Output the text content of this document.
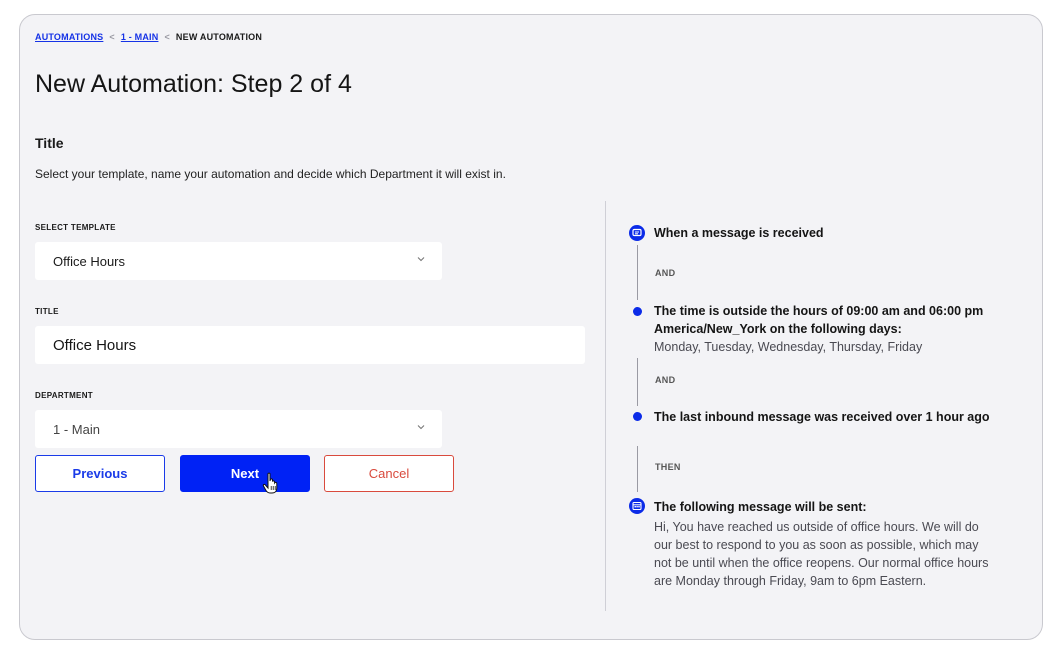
AUTOMATIONS < 1 - MAIN < NEW AUTOMATION
New Automation: Step 2 of 4
Title
Select your template, name your automation and decide which Department it will exist in.
SELECT TEMPLATE
Office Hours
TITLE
Office Hours
DEPARTMENT
1 - Main
Previous	Next	Cancel
When a message is received
AND
The time is outside the hours of 09:00 am and 06:00 pm America/New_York on the following days:
Monday, Tuesday, Wednesday, Thursday, Friday
AND
The last inbound message was received over 1 hour ago
THEN
The following message will be sent:
Hi, You have reached us outside of office hours. We will do our best to respond to you as soon as possible, which may not be until when the office reopens. Our normal office hours are Monday through Friday, 9am to 6pm Eastern.
